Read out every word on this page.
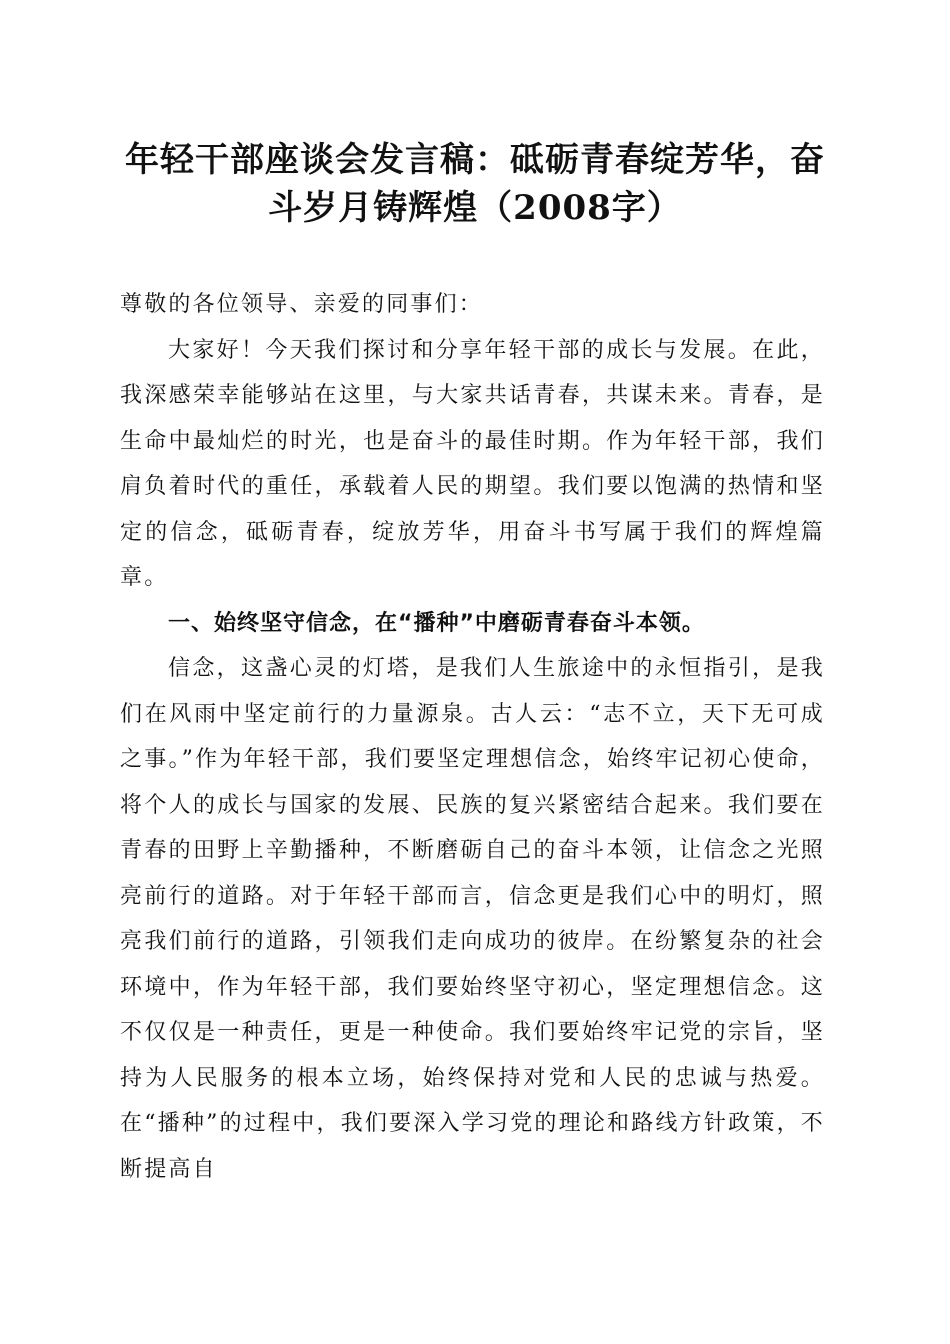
年轻干部座谈会发言稿：砥砺青春绽芳华，奋斗岁月铸辉煌（2008字）

尊敬的各位领导、亲爱的同事们：

大家好！今天我们探讨和分享年轻干部的成长与发展。在此，我深感荣幸能够站在这里，与大家共话青春，共谋未来。青春，是生命中最灿烂的时光，也是奋斗的最佳时期。作为年轻干部，我们肩负着时代的重任，承载着人民的期望。我们要以饱满的热情和坚定的信念，砥砺青春，绽放芳华，用奋斗书写属于我们的辉煌篇章。

一、始终坚守信念，在“播种”中磨砺青春奋斗本领。

信念，这盏心灵的灯塔，是我们人生旅途中的永恒指引，是我们在风雨中坚定前行的力量源泉。古人云：“志不立，天下无可成之事。”作为年轻干部，我们要坚定理想信念，始终牢记初心使命，将个人的成长与国家的发展、民族的复兴紧密结合起来。我们要在青春的田野上辛勤播种，不断磨砺自己的奋斗本领，让信念之光照亮前行的道路。对于年轻干部而言，信念更是我们心中的明灯，照亮我们前行的道路，引领我们走向成功的彼岸。在纷繁复杂的社会环境中，作为年轻干部，我们要始终坚守初心，坚定理想信念。这不仅仅是一种责任，更是一种使命。我们要始终牢记党的宗旨，坚持为人民服务的根本立场，始终保持对党和人民的忠诚与热爱。在“播种”的过程中，我们要深入学习党的理论和路线方针政策，不断提高自
